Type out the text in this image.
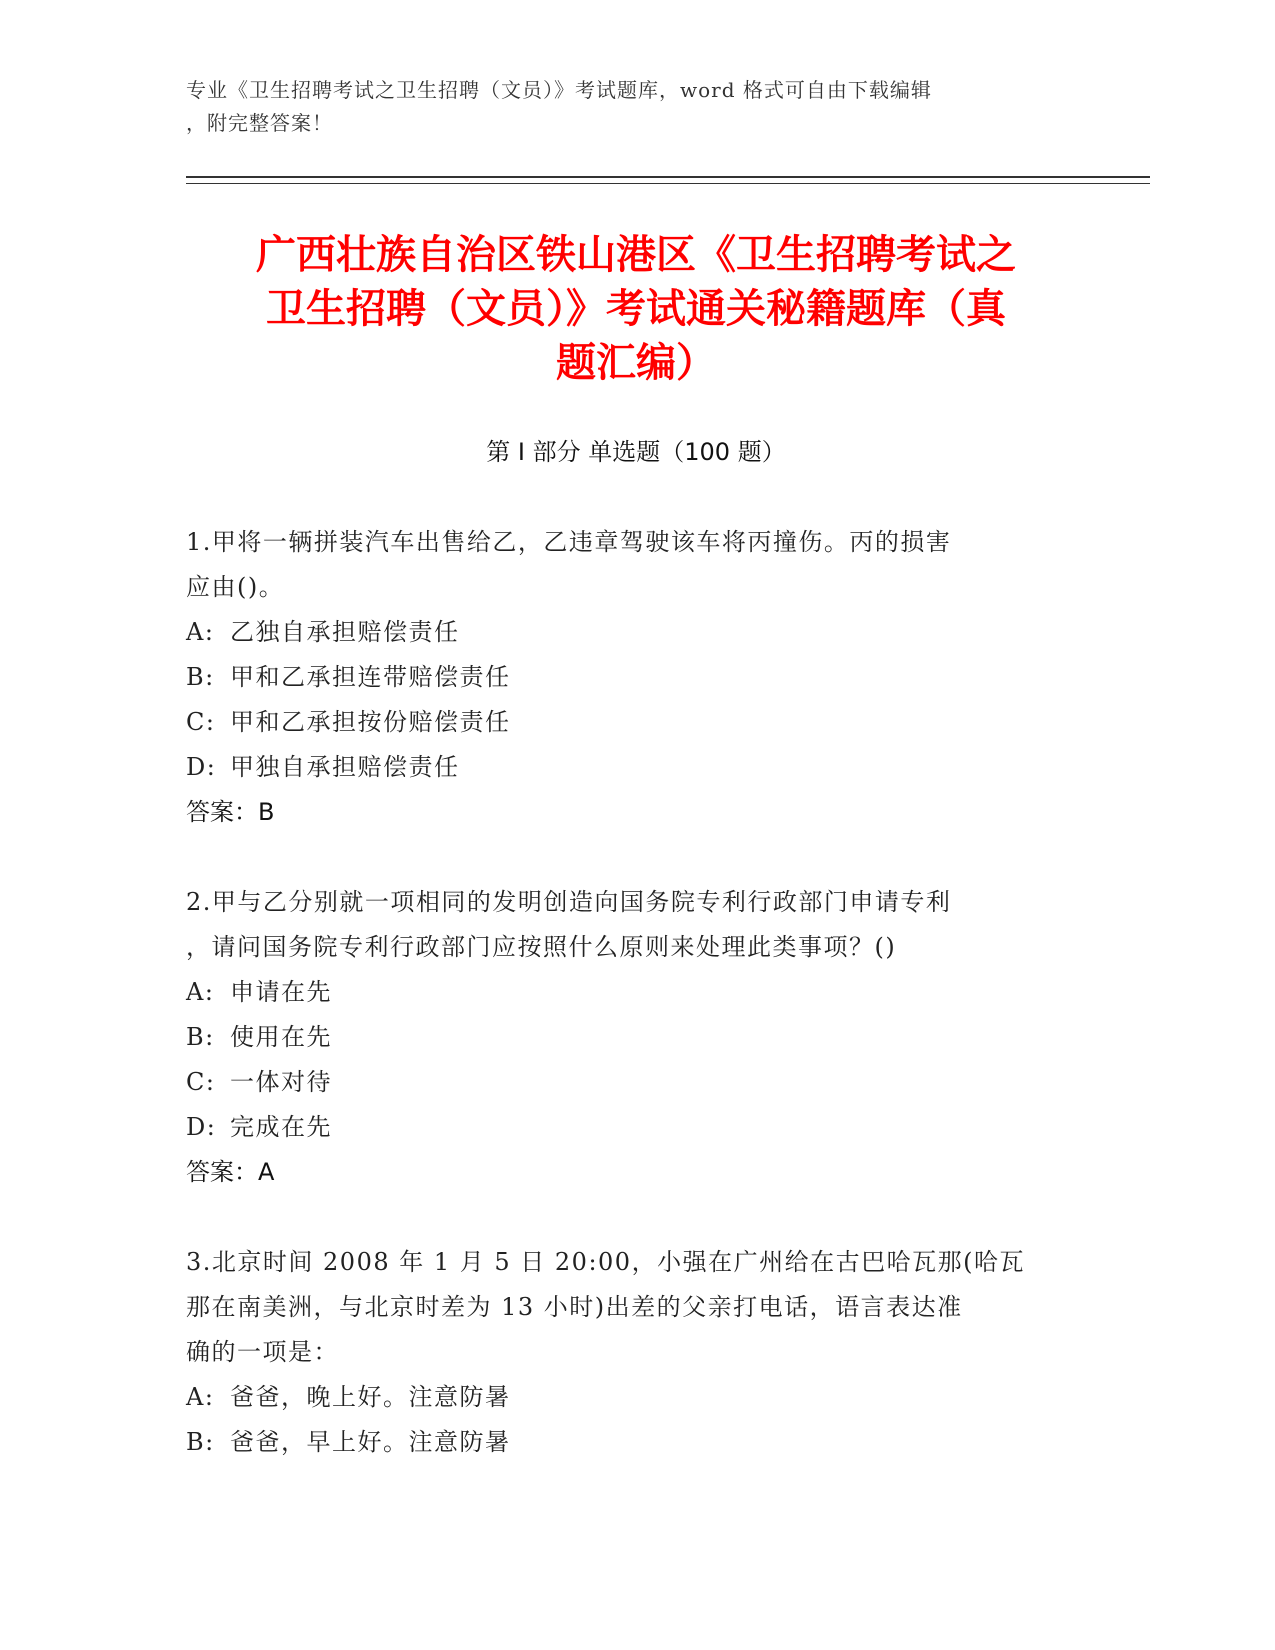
专业《卫生招聘考试之卫生招聘（文员）》考试题库，word 格式可自由下载编辑
，附完整答案！
广西壮族自治区铁山港区《卫生招聘考试之
卫生招聘（文员）》考试通关秘籍题库（真
题汇编）
第 I 部分 单选题（100 题）
1.甲将一辆拼装汽车出售给乙，乙违章驾驶该车将丙撞伤。丙的损害
应由()。
A: 乙独自承担赔偿责任
B: 甲和乙承担连带赔偿责任
C: 甲和乙承担按份赔偿责任
D: 甲独自承担赔偿责任
答案：B
2.甲与乙分别就一项相同的发明创造向国务院专利行政部门申请专利
，请问国务院专利行政部门应按照什么原则来处理此类事项？()
A: 申请在先
B: 使用在先
C: 一体对待
D: 完成在先
答案：A
3.北京时间 2008 年 1 月 5 日 20:00，小强在广州给在古巴哈瓦那(哈瓦
那在南美洲，与北京时差为 13 小时)出差的父亲打电话，语言表达准
确的一项是：
A: 爸爸，晚上好。注意防暑
B: 爸爸，早上好。注意防暑
